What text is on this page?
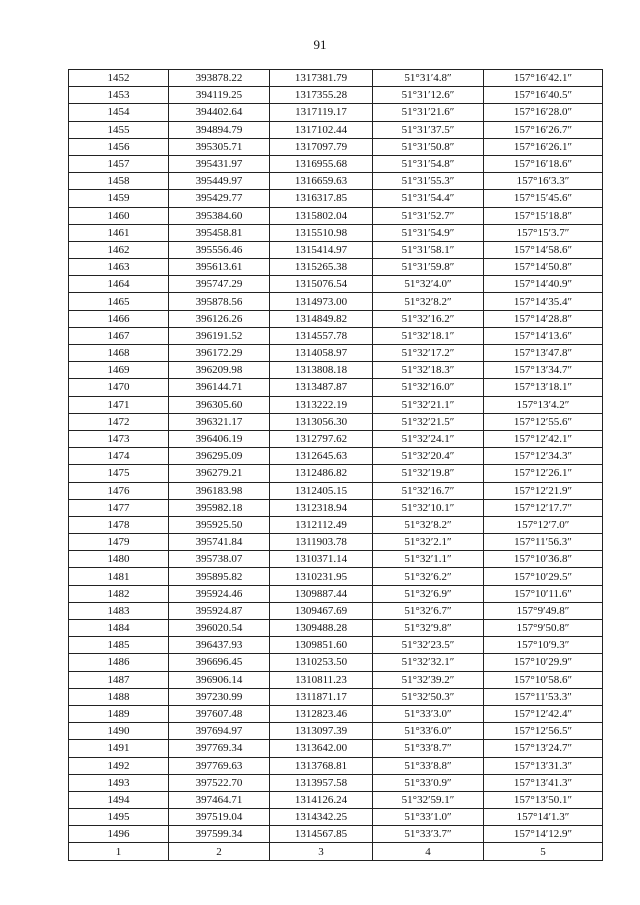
91
1452	393878.22	1317381.79	51°31′4.8″	157°16′42.1″
1453	394119.25	1317355.28	51°31′12.6″	157°16′40.5″
1454	394402.64	1317119.17	51°31′21.6″	157°16′28.0″
1455	394894.79	1317102.44	51°31′37.5″	157°16′26.7″
1456	395305.71	1317097.79	51°31′50.8″	157°16′26.1″
1457	395431.97	1316955.68	51°31′54.8″	157°16′18.6″
1458	395449.97	1316659.63	51°31′55.3″	157°16′3.3″
1459	395429.77	1316317.85	51°31′54.4″	157°15′45.6″
1460	395384.60	1315802.04	51°31′52.7″	157°15′18.8″
1461	395458.81	1315510.98	51°31′54.9″	157°15′3.7″
1462	395556.46	1315414.97	51°31′58.1″	157°14′58.6″
1463	395613.61	1315265.38	51°31′59.8″	157°14′50.8″
1464	395747.29	1315076.54	51°32′4.0″	157°14′40.9″
1465	395878.56	1314973.00	51°32′8.2″	157°14′35.4″
1466	396126.26	1314849.82	51°32′16.2″	157°14′28.8″
1467	396191.52	1314557.78	51°32′18.1″	157°14′13.6″
1468	396172.29	1314058.97	51°32′17.2″	157°13′47.8″
1469	396209.98	1313808.18	51°32′18.3″	157°13′34.7″
1470	396144.71	1313487.87	51°32′16.0″	157°13′18.1″
1471	396305.60	1313222.19	51°32′21.1″	157°13′4.2″
1472	396321.17	1313056.30	51°32′21.5″	157°12′55.6″
1473	396406.19	1312797.62	51°32′24.1″	157°12′42.1″
1474	396295.09	1312645.63	51°32′20.4″	157°12′34.3″
1475	396279.21	1312486.82	51°32′19.8″	157°12′26.1″
1476	396183.98	1312405.15	51°32′16.7″	157°12′21.9″
1477	395982.18	1312318.94	51°32′10.1″	157°12′17.7″
1478	395925.50	1312112.49	51°32′8.2″	157°12′7.0″
1479	395741.84	1311903.78	51°32′2.1″	157°11′56.3″
1480	395738.07	1310371.14	51°32′1.1″	157°10′36.8″
1481	395895.82	1310231.95	51°32′6.2″	157°10′29.5″
1482	395924.46	1309887.44	51°32′6.9″	157°10′11.6″
1483	395924.87	1309467.69	51°32′6.7″	157°9′49.8″
1484	396020.54	1309488.28	51°32′9.8″	157°9′50.8″
1485	396437.93	1309851.60	51°32′23.5″	157°10′9.3″
1486	396696.45	1310253.50	51°32′32.1″	157°10′29.9″
1487	396906.14	1310811.23	51°32′39.2″	157°10′58.6″
1488	397230.99	1311871.17	51°32′50.3″	157°11′53.3″
1489	397607.48	1312823.46	51°33′3.0″	157°12′42.4″
1490	397694.97	1313097.39	51°33′6.0″	157°12′56.5″
1491	397769.34	1313642.00	51°33′8.7″	157°13′24.7″
1492	397769.63	1313768.81	51°33′8.8″	157°13′31.3″
1493	397522.70	1313957.58	51°33′0.9″	157°13′41.3″
1494	397464.71	1314126.24	51°32′59.1″	157°13′50.1″
1495	397519.04	1314342.25	51°33′1.0″	157°14′1.3″
1496	397599.34	1314567.85	51°33′3.7″	157°14′12.9″
1	2	3	4	5
